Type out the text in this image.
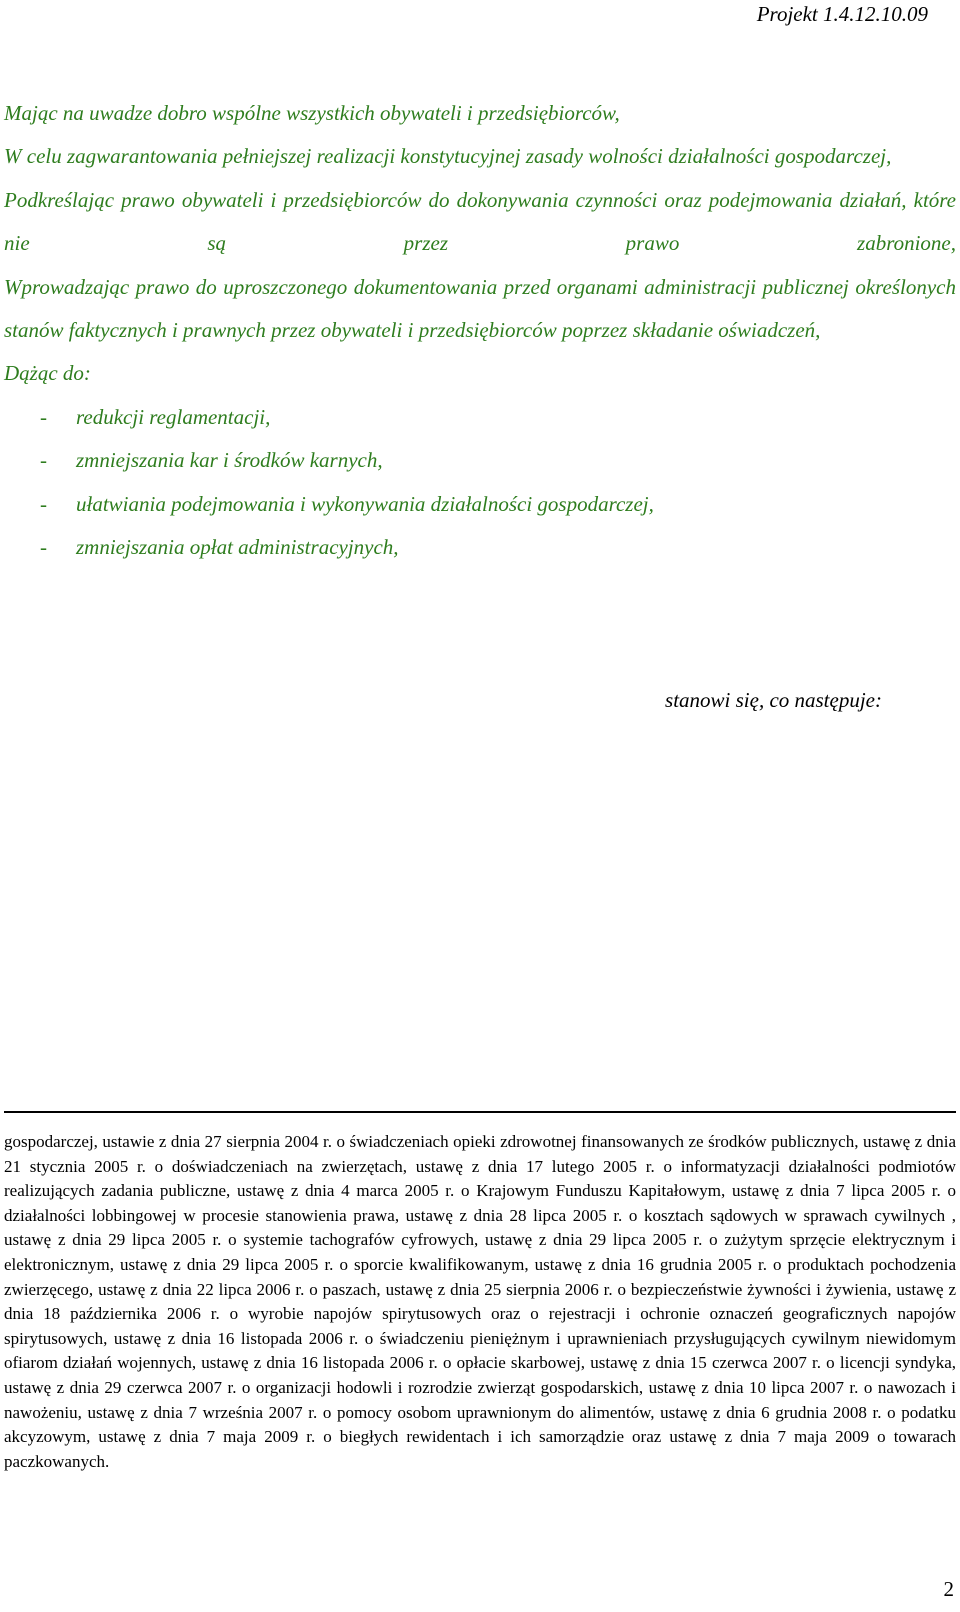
Projekt 1.4.12.10.09

Mając na uwadze dobro wspólne wszystkich obywateli i przedsiębiorców,

W celu zagwarantowania pełniejszej realizacji konstytucyjnej zasady wolności działalności gospodarczej,

Podkreślając prawo obywateli i przedsiębiorców do dokonywania czynności oraz podejmowania działań, które nie są przez prawo zabronione,

Wprowadzając prawo do uproszczonego dokumentowania przed organami administracji publicznej określonych stanów faktycznych i prawnych przez obywateli i przedsiębiorców poprzez składanie oświadczeń,

Dążąc do:

- redukcji reglamentacji,
- zmniejszania kar i środków karnych,
- ułatwiania podejmowania i wykonywania działalności gospodarczej,
- zmniejszania opłat administracyjnych,
stanowi się, co następuje:

gospodarczej, ustawie z dnia 27 sierpnia 2004 r. o świadczeniach opieki zdrowotnej finansowanych ze środków publicznych, ustawę z dnia 21 stycznia 2005 r. o doświadczeniach na zwierzętach, ustawę z dnia 17 lutego 2005 r. o informatyzacji działalności podmiotów realizujących zadania publiczne, ustawę z dnia 4 marca 2005 r. o Krajowym Funduszu Kapitałowym, ustawę z dnia 7 lipca 2005 r. o działalności lobbingowej w procesie stanowienia prawa, ustawę z dnia 28 lipca 2005 r. o kosztach sądowych w sprawach cywilnych , ustawę z dnia 29 lipca 2005 r. o systemie tachografów cyfrowych, ustawę z dnia 29 lipca 2005 r. o zużytym sprzęcie elektrycznym i elektronicznym, ustawę z dnia 29 lipca 2005 r. o sporcie kwalifikowanym, ustawę z dnia 16 grudnia 2005 r. o produktach pochodzenia zwierzęcego, ustawę z dnia 22 lipca 2006 r. o paszach, ustawę z dnia 25 sierpnia 2006 r. o bezpieczeństwie żywności i żywienia, ustawę z dnia 18 października 2006 r. o wyrobie napojów spirytusowych oraz o rejestracji i ochronie oznaczeń geograficznych napojów spirytusowych, ustawę z dnia 16 listopada 2006 r. o świadczeniu pieniężnym i uprawnieniach przysługujących cywilnym niewidomym ofiarom działań wojennych, ustawę z dnia 16 listopada 2006 r. o opłacie skarbowej, ustawę z dnia 15 czerwca 2007 r. o licencji syndyka, ustawę z dnia 29 czerwca 2007 r. o organizacji hodowli i rozrodzie zwierząt gospodarskich, ustawę z dnia 10 lipca 2007 r. o nawozach i nawożeniu, ustawę z dnia 7 września 2007 r. o pomocy osobom uprawnionym do alimentów, ustawę z dnia 6 grudnia 2008 r. o podatku akcyzowym, ustawę z dnia 7 maja 2009 r. o biegłych rewidentach i ich samorządzie oraz ustawę z dnia 7 maja 2009 o towarach paczkowanych.

2
